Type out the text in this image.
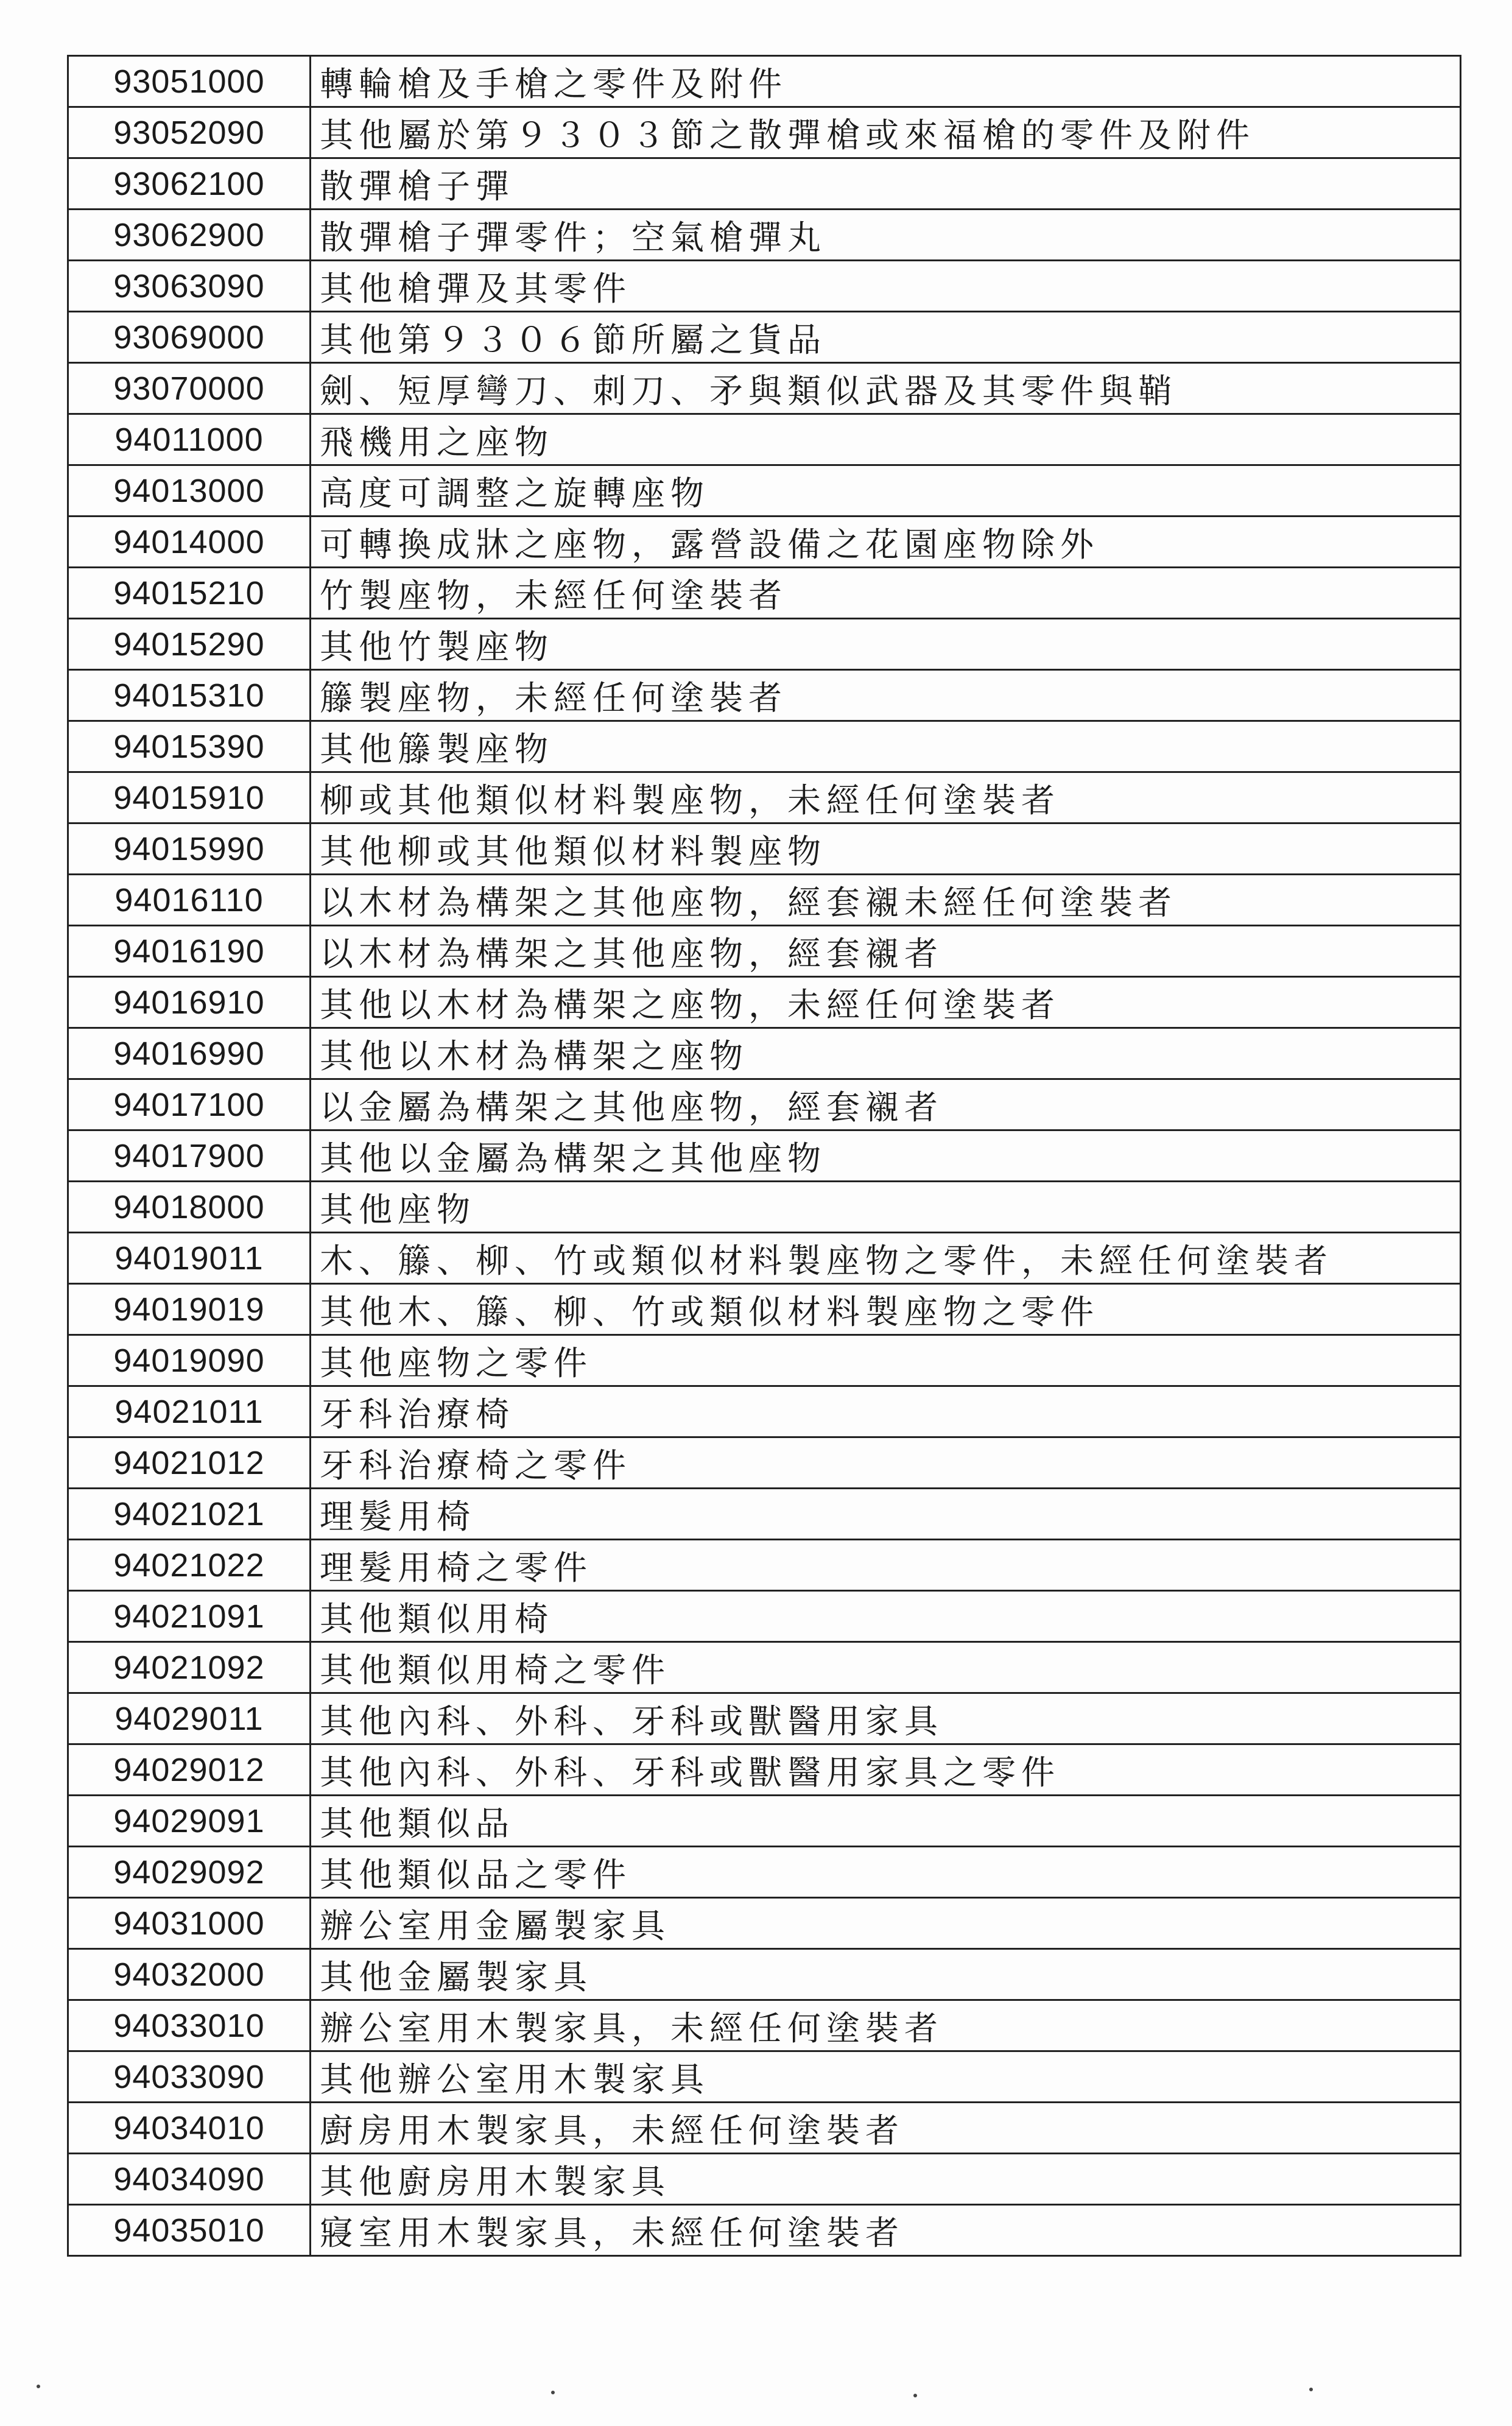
93051000	轉輪槍及手槍之零件及附件
93052090	其他屬於第９３０３節之散彈槍或來福槍的零件及附件
93062100	散彈槍子彈
93062900	散彈槍子彈零件；空氣槍彈丸
93063090	其他槍彈及其零件
93069000	其他第９３０６節所屬之貨品
93070000	劍、短厚彎刀、刺刀、矛與類似武器及其零件與鞘
94011000	飛機用之座物
94013000	高度可調整之旋轉座物
94014000	可轉換成牀之座物，露營設備之花園座物除外
94015210	竹製座物，未經任何塗裝者
94015290	其他竹製座物
94015310	籐製座物，未經任何塗裝者
94015390	其他籐製座物
94015910	柳或其他類似材料製座物，未經任何塗裝者
94015990	其他柳或其他類似材料製座物
94016110	以木材為構架之其他座物，經套襯未經任何塗裝者
94016190	以木材為構架之其他座物，經套襯者
94016910	其他以木材為構架之座物，未經任何塗裝者
94016990	其他以木材為構架之座物
94017100	以金屬為構架之其他座物，經套襯者
94017900	其他以金屬為構架之其他座物
94018000	其他座物
94019011	木、籐、柳、竹或類似材料製座物之零件，未經任何塗裝者
94019019	其他木、籐、柳、竹或類似材料製座物之零件
94019090	其他座物之零件
94021011	牙科治療椅
94021012	牙科治療椅之零件
94021021	理髮用椅
94021022	理髮用椅之零件
94021091	其他類似用椅
94021092	其他類似用椅之零件
94029011	其他內科、外科、牙科或獸醫用家具
94029012	其他內科、外科、牙科或獸醫用家具之零件
94029091	其他類似品
94029092	其他類似品之零件
94031000	辦公室用金屬製家具
94032000	其他金屬製家具
94033010	辦公室用木製家具，未經任何塗裝者
94033090	其他辦公室用木製家具
94034010	廚房用木製家具，未經任何塗裝者
94034090	其他廚房用木製家具
94035010	寢室用木製家具，未經任何塗裝者
